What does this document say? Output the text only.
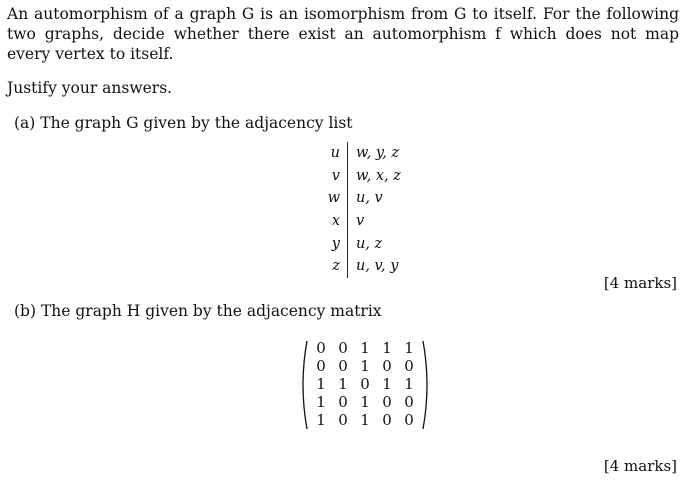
An automorphism of a graph G is an isomorphism from G to itself. For the following two graphs, decide whether there exist an automorphism f which does not map every vertex to itself.

Justify your answers.
(a) The graph G given by the adjacency list
u	w, y, z
v	w, x, z
w	u, v
x	v
y	u, z
z	u, v, y
[4 marks]
(b) The graph H given by the adjacency matrix
0 0 1 1 1
0 0 1 0 0
1 1 0 1 1
1 0 1 0 0
1 0 1 0 0
[4 marks]
